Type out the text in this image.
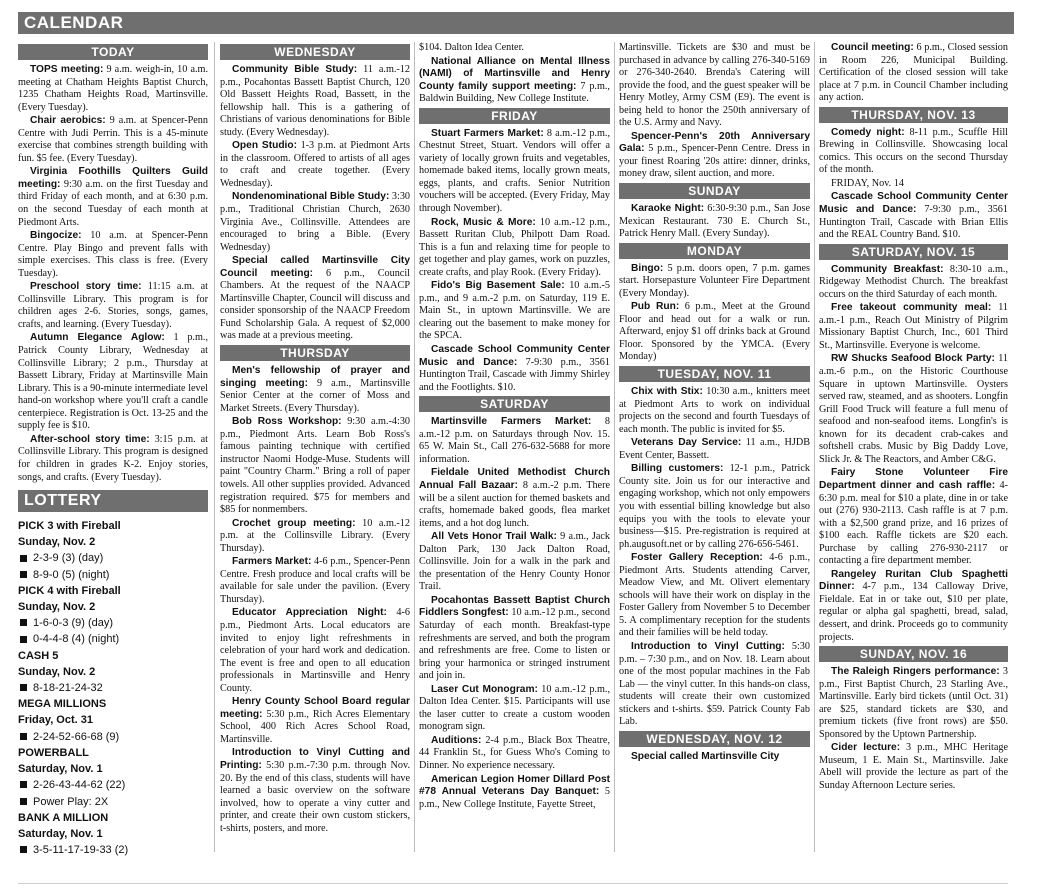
CALENDAR
TODAY

TOPS meeting: 9 a.m. weigh-in, 10 a.m. meeting at Chatham Heights Baptist Church, 1235 Chatham Heights Road, Martinsville. (Every Tuesday).

Chair aerobics: 9 a.m. at Spencer-Penn Centre with Judi Perrin. This is a 45-minute exercise that combines strength building with fun. $5 fee. (Every Tuesday).

Virginia Foothills Quilters Guild meeting: 9:30 a.m. on the first Tuesday and third Friday of each month, and at 6:30 p.m. on the second Tuesday of each month at Piedmont Arts.

Bingocize: 10 a.m. at Spencer-Penn Centre. Play Bingo and prevent falls with simple exercises. This class is free. (Every Tuesday).

Preschool story time: 11:15 a.m. at Collinsville Library. This program is for children ages 2-6. Stories, songs, games, crafts, and learning. (Every Tuesday).

Autumn Elegance Aglow: 1 p.m., Patrick County Library, Wednesday at Collinsville Library; 2 p.m., Thursday at Bassett Library, Friday at Martinsville Main Library. This is a 90-minute intermediate level hand-on workshop where you'll craft a candle centerpiece. Registration is Oct. 13-25 and the supply fee is $10.

After-school story time: 3:15 p.m. at Collinsville Library. This program is designed for children in grades K-2. Enjoy stories, songs, and crafts. (Every Tuesday).

LOTTERY
PICK 3 with Fireball
Sunday, Nov. 2
2-3-9 (3) (day)
8-9-0 (5) (night)
PICK 4 with Fireball
Sunday, Nov. 2
1-6-0-3 (9) (day)
0-4-4-8 (4) (night)
CASH 5
Sunday, Nov. 2
8-18-21-24-32
MEGA MILLIONS
Friday, Oct. 31
2-24-52-66-68 (9)
POWERBALL
Saturday, Nov. 1
2-26-43-44-62 (22)
Power Play: 2X
BANK A MILLION
Saturday, Nov. 1
3-5-11-17-19-33 (2)
WEDNESDAY

Community Bible Study: 11 a.m.-12 p.m., Pocahontas Bassett Baptist Church, 120 Old Bassett Heights Road, Bassett, in the fellowship hall. This is a gathering of Christians of various denominations for Bible study. (Every Wednesday).

Open Studio: 1-3 p.m. at Piedmont Arts in the classroom. Offered to artists of all ages to craft and create together. (Every Wednesday).

Nondenominational Bible Study: 3:30 p.m., Traditional Christian Church, 2630 Virginia Ave., Collinsville. Attendees are encouraged to bring a Bible. (Every Wednesday)

Special called Martinsville City Council meeting: 6 p.m., Council Chambers. At the request of the NAACP Martinsville Chapter, Council will discuss and consider sponsorship of the NAACP Freedom Fund Scholarship Gala. A request of $2,000 was made at a previous meeting.

THURSDAY

Men's fellowship of prayer and singing meeting: 9 a.m., Martinsville Senior Center at the corner of Moss and Market Streets. (Every Thursday).

Bob Ross Workshop: 9:30 a.m.-4:30 p.m., Piedmont Arts. Learn Bob Ross's famous painting technique with certified instructor Naomi Hodge-Muse. Students will paint "Country Charm." Bring a roll of paper towels. All other supplies provided. Advanced registration required. $75 for members and $85 for nonmembers.

Crochet group meeting: 10 a.m.-12 p.m. at the Collinsville Library. (Every Thursday).

Farmers Market: 4-6 p.m., Spencer-Penn Centre. Fresh produce and local crafts will be available for sale under the pavilion. (Every Thursday).

Educator Appreciation Night: 4-6 p.m., Piedmont Arts. Local educators are invited to enjoy light refreshments in celebration of your hard work and dedication. The event is free and open to all education professionals in Martinsville and Henry County.

Henry County School Board regular meeting: 5:30 p.m., Rich Acres Elementary School, 400 Rich Acres School Road, Martinsville.

Introduction to Vinyl Cutting and Printing: 5:30 p.m.-7:30 p.m. through Nov. 20. By the end of this class, students will have learned a basic overview on the software involved, how to operate a viny cutter and printer, and create their own custom stickers, t-shirts, posters, and more.

$104. Dalton Idea Center.

National Alliance on Mental Illness (NAMI) of Martinsville and Henry County family support meeting: 7 p.m., Baldwin Building, New College Institute.

FRIDAY

Stuart Farmers Market: 8 a.m.-12 p.m., Chestnut Street, Stuart. Vendors will offer a variety of locally grown fruits and vegetables, homemade baked items, locally grown meats, eggs, plants, and crafts. Senior Nutrition vouchers will be accepted. (Every Friday, May through November).

Rock, Music & More: 10 a.m.-12 p.m., Bassett Ruritan Club, Philpott Dam Road. This is a fun and relaxing time for people to get together and play games, work on puzzles, create crafts, and play Rook. (Every Friday).

Fido's Big Basement Sale: 10 a.m.-5 p.m., and 9 a.m.-2 p.m. on Saturday, 119 E. Main St., in uptown Martinsville. We are clearing out the basement to make money for the SPCA.

Cascade School Community Center Music and Dance: 7-9:30 p.m., 3561 Huntington Trail, Cascade with Jimmy Shirley and the Footlights. $10.

SATURDAY

Martinsville Farmers Market: 8 a.m.-12 p.m. on Saturdays through Nov. 15. 65 W. Main St., Call 276-632-5688 for more information.

Fieldale United Methodist Church Annual Fall Bazaar: 8 a.m.-2 p.m. There will be a silent auction for themed baskets and crafts, homemade baked goods, flea market items, and a hot dog lunch.

All Vets Honor Trail Walk: 9 a.m., Jack Dalton Park, 130 Jack Dalton Road, Collinsville. Join for a walk in the park and the presentation of the Henry County Honor Trail.

Pocahontas Bassett Baptist Church Fiddlers Songfest: 10 a.m.-12 p.m., second Saturday of each month. Breakfast-type refreshments are served, and both the program and refreshments are free. Come to listen or bring your harmonica or stringed instrument and join in.

Laser Cut Monogram: 10 a.m.-12 p.m., Dalton Idea Center. $15. Participants will use the laser cutter to create a custom wooden monogram sign.

Auditions: 2-4 p.m., Black Box Theatre, 44 Franklin St., for Guess Who's Coming to Dinner. No experience necessary.

American Legion Homer Dillard Post #78 Annual Veterans Day Banquet: 5 p.m., New College Institute, Fayette Street,

Martinsville. Tickets are $30 and must be purchased in advance by calling 276-340-5169 or 276-340-2640. Brenda's Catering will provide the food, and the guest speaker will be Henry Motley, Army CSM (E9). The event is being held to honor the 250th anniversary of the U.S. Army and Navy.

Spencer-Penn's 20th Anniversary Gala: 5 p.m., Spencer-Penn Centre. Dress in your finest Roaring '20s attire: dinner, drinks, money draw, silent auction, and more.

SUNDAY

Karaoke Night: 6:30-9:30 p.m., San Jose Mexican Restaurant. 730 E. Church St., Patrick Henry Mall. (Every Sunday).

MONDAY

Bingo: 5 p.m. doors open, 7 p.m. games start. Horsepasture Volunteer Fire Department (Every Monday).

Pub Run: 6 p.m., Meet at the Ground Floor and head out for a walk or run. Afterward, enjoy $1 off drinks back at Ground Floor. Sponsored by the YMCA. (Every Monday)

TUESDAY, NOV. 11

Chix with Stix: 10:30 a.m., knitters meet at Piedmont Arts to work on individual projects on the second and fourth Tuesdays of each month. The public is invited for $5.

Veterans Day Service: 11 a.m., HJDB Event Center, Bassett.

Billing customers: 12-1 p.m., Patrick County site. Join us for our interactive and engaging workshop, which not only empowers you with essential billing knowledge but also equips you with the tools to elevate your business—$15. Pre-registration is required at ph.augusoft.net or by calling 276-656-5461.

Foster Gallery Reception: 4-6 p.m., Piedmont Arts. Students attending Carver, Meadow View, and Mt. Olivert elementary schools will have their work on display in the Foster Gallery from November 5 to December 5. A complimentary reception for the students and their families will be held today.

Introduction to Vinyl Cutting: 5:30 p.m. – 7:30 p.m., and on Nov. 18. Learn about one of the most popular machines in the Fab Lab — the vinyl cutter. In this hands-on class, students will create their own customized stickers and t-shirts. $59. Patrick County Fab Lab.

WEDNESDAY, NOV. 12

Special called Martinsville City

Council meeting: 6 p.m., Closed session in Room 226, Municipal Building. Certification of the closed session will take place at 7 p.m. in Council Chamber including any action.

THURSDAY, NOV. 13

Comedy night: 8-11 p.m., Scuffle Hill Brewing in Collinsville. Showcasing local comics. This occurs on the second Thursday of the month.

FRIDAY, Nov. 14

Cascade School Community Center Music and Dance: 7-9:30 p.m., 3561 Huntington Trail, Cascade with Brian Ellis and the REAL Country Band. $10.

SATURDAY, NOV. 15

Community Breakfast: 8:30-10 a.m., Ridgeway Methodist Church. The breakfast occurs on the third Saturday of each month.

Free takeout community meal: 11 a.m.-1 p.m., Reach Out Ministry of Pilgrim Missionary Baptist Church, Inc., 601 Third St., Martinsville. Everyone is welcome.

RW Shucks Seafood Block Party: 11 a.m.-6 p.m., on the Historic Courthouse Square in uptown Martinsville. Oysters served raw, steamed, and as shooters. Longfin Grill Food Truck will feature a full menu of seafood and non-seafood items. Longfin's is known for its decadent crab-cakes and softshell crabs. Music by Big Daddy Love, Slick Jr. & The Reactors, and Amber C&G.

Fairy Stone Volunteer Fire Department dinner and cash raffle: 4-6:30 p.m. meal for $10 a plate, dine in or take out (276) 930-2113. Cash raffle is at 7 p.m. with a $2,500 grand prize, and 16 prizes of $100 each. Raffle tickets are $20 each. Purchase by calling 276-930-2117 or contacting a fire department member.

Rangeley Ruritan Club Spaghetti Dinner: 4-7 p.m., 134 Calloway Drive, Fieldale. Eat in or take out, $10 per plate, regular or alpha gal spaghetti, bread, salad, dessert, and drink. Proceeds go to community projects.

SUNDAY, NOV. 16

The Raleigh Ringers performance: 3 p.m., First Baptist Church, 23 Starling Ave., Martinsville. Early bird tickets (until Oct. 31) are $25, standard tickets are $30, and premium tickets (five front rows) are $50. Sponsored by the Uptown Partnership.

Cider lecture: 3 p.m., MHC Heritage Museum, 1 E. Main St., Martinsville. Jake Abell will provide the lecture as part of the Sunday Afternoon Lecture series.
